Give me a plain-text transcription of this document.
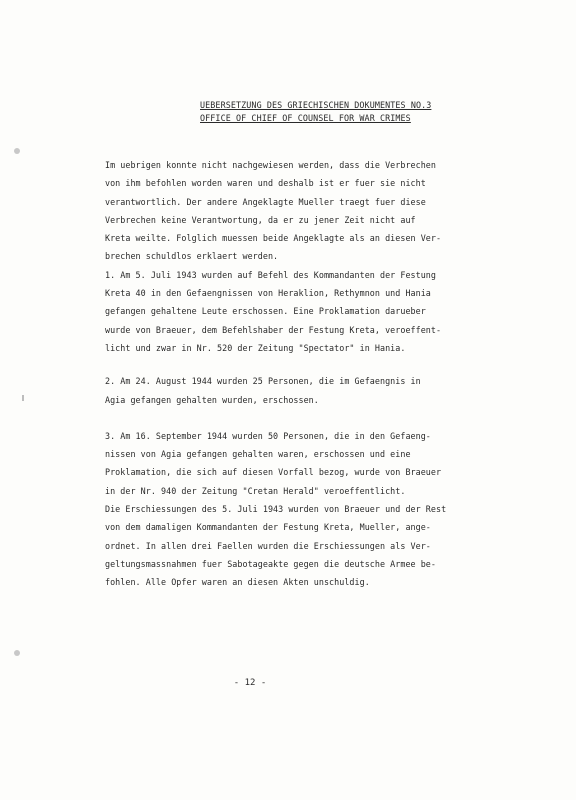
UEBERSETZUNG DES GRIECHISCHEN DOKUMENTES NO.3
OFFICE OF CHIEF OF COUNSEL FOR WAR CRIMES
Im uebrigen konnte nicht nachgewiesen werden, dass die Verbrechen
von ihm befohlen worden waren und deshalb ist er fuer sie nicht
verantwortlich. Der andere Angeklagte Mueller traegt fuer diese
Verbrechen keine Verantwortung, da er zu jener Zeit nicht auf
Kreta weilte. Folglich muessen beide Angeklagte als an diesen Ver-
brechen schuldlos erklaert werden.
1. Am 5. Juli 1943 wurden auf Befehl des Kommandanten der Festung
Kreta 40 in den Gefaengnissen von Heraklion, Rethymnon und Hania
gefangen gehaltene Leute erschossen. Eine Proklamation darueber
wurde von Braeuer, dem Befehlshaber der Festung Kreta, veroeffent-
licht und zwar in Nr. 520 der Zeitung "Spectator" in Hania.
2. Am 24. August 1944 wurden 25 Personen, die im Gefaengnis in
Agia gefangen gehalten wurden, erschossen.
3. Am 16. September 1944 wurden 50 Personen, die in den Gefaeng-
nissen von Agia gefangen gehalten waren, erschossen und eine
Proklamation, die sich auf diesen Vorfall bezog, wurde von Braeuer
in der Nr. 940 der Zeitung "Cretan Herald" veroeffentlicht.
Die Erschiessungen des 5. Juli 1943 wurden von Braeuer und der Rest
von dem damaligen Kommandanten der Festung Kreta, Mueller, ange-
ordnet. In allen drei Faellen wurden die Erschiessungen als Ver-
geltungsmassnahmen fuer Sabotageakte gegen die deutsche Armee be-
fohlen. Alle Opfer waren an diesen Akten unschuldig.
- 12 -
